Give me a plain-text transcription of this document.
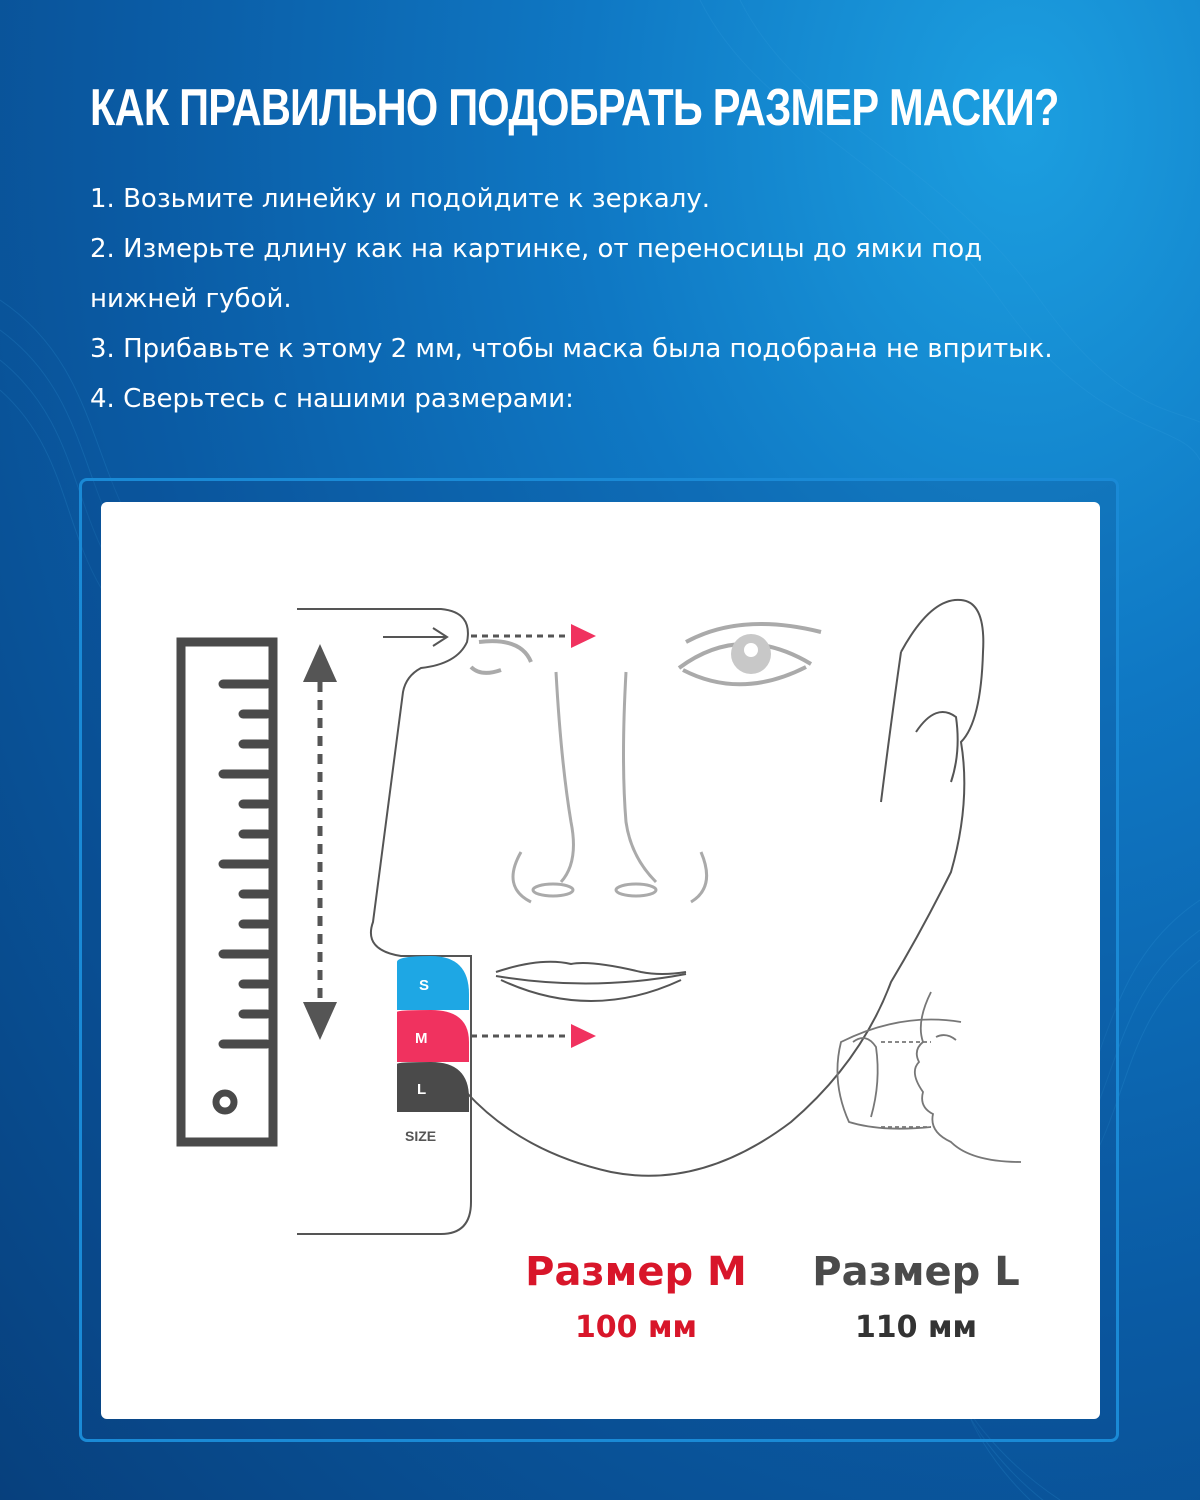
КАК ПРАВИЛЬНО ПОДОБРАТЬ РАЗМЕР МАСКИ?

1. Возьмите линейку и подойдите к зеркалу.

2. Измерьте длину как на картинке, от переносицы до ямки под

нижней губой.

3. Прибавьте к этому 2 мм, чтобы маска была подобрана не впритык.

4. Сверьтесь с нашими размерами:

S
M
L
SIZE
Размер M
100 мм
Размер L
110 мм
